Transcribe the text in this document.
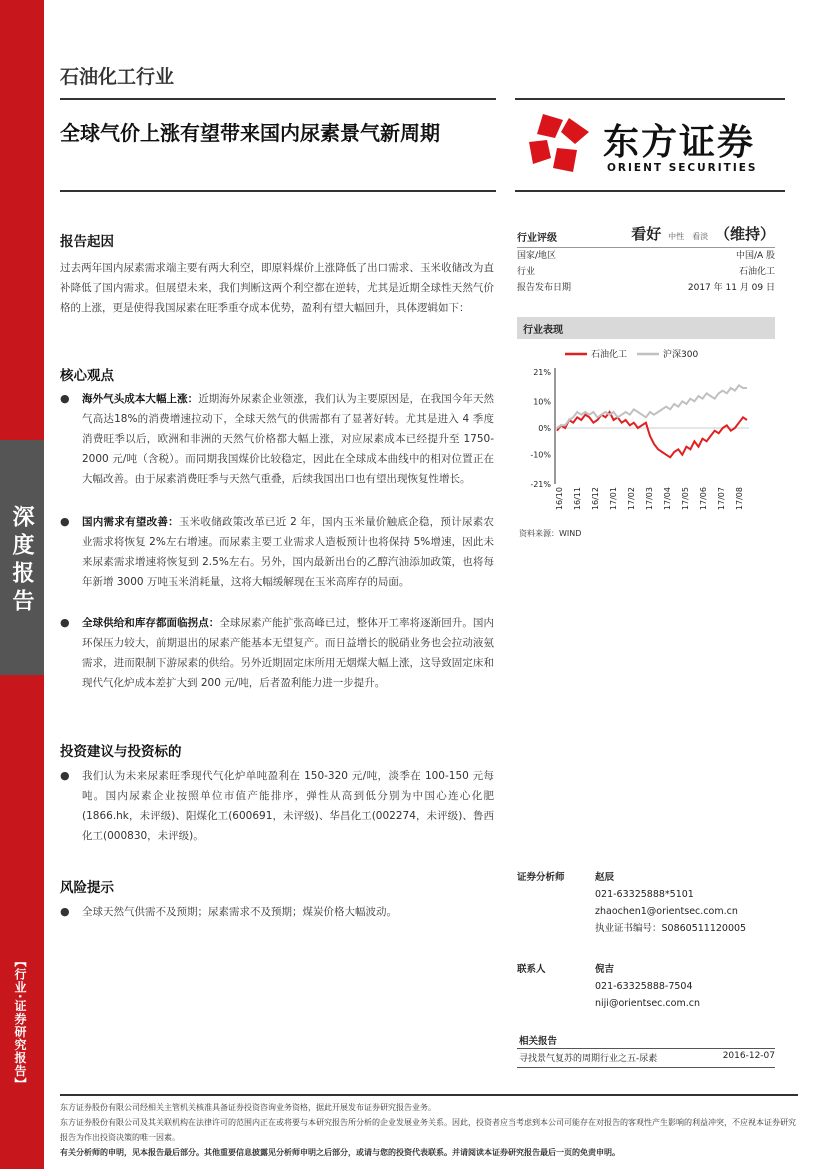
深度报告
【行业·证券研究报告】
石油化工行业
全球气价上涨有望带来国内尿素景气新周期	东方证券
ORIENT SECURITIES
报告起因
过去两年国内尿素需求端主要有两大利空，即原料煤价上涨降低了出口需求、玉米收储改为直补降低了国内需求。但展望未来，我们判断这两个利空都在逆转，尤其是近期全球性天然气价格的上涨，更是使得我国尿素在旺季重夺成本优势，盈利有望大幅回升，具体逻辑如下：
核心观点
● 海外气头成本大幅上涨：近期海外尿素企业领涨，我们认为主要原因是，在我国今年天然气高达18%的消费增速拉动下，全球天然气的供需都有了显著好转。尤其是进入 4 季度消费旺季以后，欧洲和非洲的天然气价格都大幅上涨，对应尿素成本已经提升至 1750-2000 元/吨（含税）。而同期我国煤价比较稳定，因此在全球成本曲线中的相对位置正在大幅改善。由于尿素消费旺季与天然气重叠，后续我国出口也有望出现恢复性增长。
● 国内需求有望改善：玉米收储政策改革已近 2 年，国内玉米量价触底企稳，预计尿素农业需求将恢复 2%左右增速。而尿素主要工业需求人造板预计也将保持 5%增速，因此未来尿素需求增速将恢复到 2.5%左右。另外，国内最新出台的乙醇汽油添加政策，也将每年新增 3000 万吨玉米消耗量，这将大幅缓解现在玉米高库存的局面。
● 全球供给和库存都面临拐点：全球尿素产能扩张高峰已过，整体开工率将逐渐回升。国内环保压力较大，前期退出的尿素产能基本无望复产。而日益增长的脱硝业务也会拉动液氨需求，进而限制下游尿素的供给。另外近期固定床所用无烟煤大幅上涨，这导致固定床和现代气化炉成本差扩大到 200 元/吨，后者盈利能力进一步提升。
投资建议与投资标的
● 我们认为未来尿素旺季现代气化炉单吨盈利在 150-320 元/吨，淡季在 100-150 元每吨。国内尿素企业按照单位市值产能排序，弹性从高到低分别为中国心连心化肥(1866.hk，未评级)、阳煤化工(600691，未评级)、华昌化工(002274，未评级)、鲁西化工(000830，未评级)。
风险提示
● 全球天然气供需不及预期；尿素需求不及预期；煤炭价格大幅波动。
行业评级	看好 中性　看淡 （维持）
国家/地区	中国/A 股
行业	石油化工
报告发布日期	2017 年 11 月 09 日
行业表现
石油化工	沪深300
21%
10%
0%
-10%
-21%
16/10 16/11 16/12 17/01 17/02 17/03 17/04 17/05 17/06 17/07 17/08
资料来源：WIND
证券分析师	赵辰
021-63325888*5101
zhaochen1@orientsec.com.cn
执业证书编号：S0860511120005
联系人	倪吉
021-63325888-7504
niji@orientsec.com.cn
相关报告
寻找景气复苏的周期行业之五-尿素	2016-12-07
东方证券股份有限公司经相关主管机关核准具备证券投资咨询业务资格，据此开展发布证券研究报告业务。
东方证券股份有限公司及其关联机构在法律许可的范围内正在或将要与本研究报告所分析的企业发展业务关系。因此，投资者应当考虑到本公司可能存在对报告的客观性产生影响的利益冲突，不应视本证券研究报告为作出投资决策的唯一因素。
有关分析师的申明，见本报告最后部分。其他重要信息披露见分析师申明之后部分，或请与您的投资代表联系。并请阅读本证券研究报告最后一页的免责申明。
